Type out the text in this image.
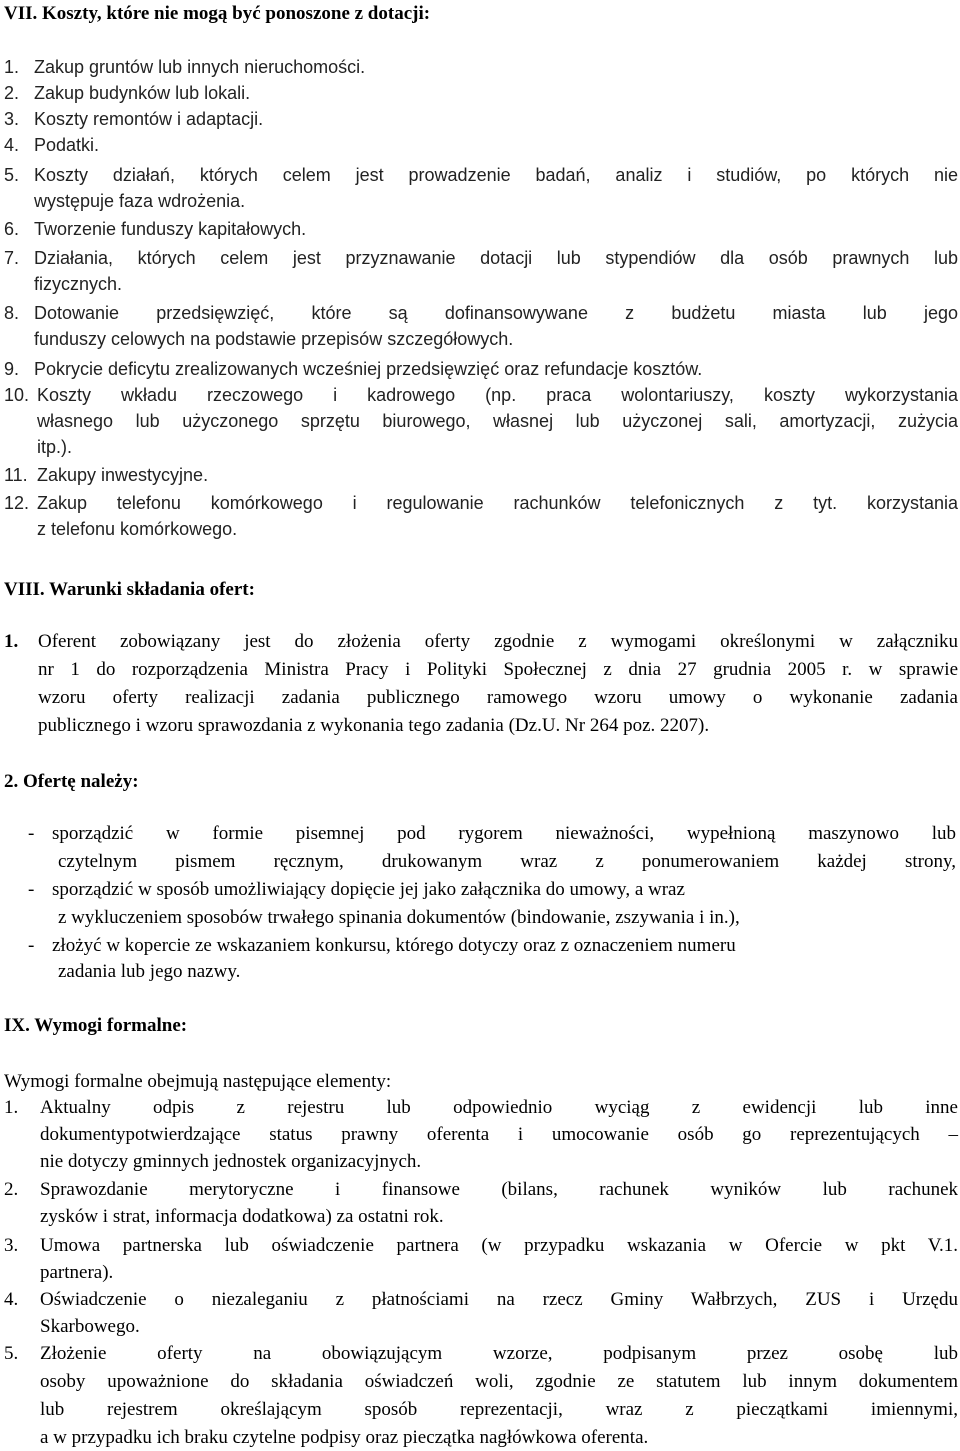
VII. Koszty, które nie mogą być ponoszone z dotacji:
1. Zakup gruntów lub innych nieruchomości.
2. Zakup budynków lub lokali.
3. Koszty remontów i adaptacji.
4. Podatki.
5. Koszty działań, których celem jest prowadzenie badań, analiz i studiów, po których nie
występuje faza wdrożenia.
6. Tworzenie funduszy kapitałowych.
7. Działania, których celem jest przyznawanie dotacji lub stypendiów dla osób prawnych lub
fizycznych.
8. Dotowanie przedsięwzięć, które są dofinansowywane z budżetu miasta lub jego
funduszy celowych na podstawie przepisów szczegółowych.
9. Pokrycie deficytu zrealizowanych wcześniej przedsięwzięć oraz refundacje kosztów.
10. Koszty wkładu rzeczowego i kadrowego (np. praca wolontariuszy, koszty wykorzystania
własnego lub użyczonego sprzętu biurowego, własnej lub użyczonej sali, amortyzacji, zużycia
itp.).
11. Zakupy inwestycyjne.
12. Zakup telefonu komórkowego i regulowanie rachunków telefonicznych z tyt. korzystania
z telefonu komórkowego.
VIII. Warunki składania ofert:
1. Oferent zobowiązany jest do złożenia oferty zgodnie z wymogami określonymi w załączniku
nr 1 do rozporządzenia Ministra Pracy i Polityki Społecznej z dnia 27 grudnia 2005 r. w sprawie
wzoru oferty realizacji zadania publicznego ramowego wzoru umowy o wykonanie zadania
publicznego i wzoru sprawozdania z wykonania tego zadania (Dz.U. Nr 264 poz. 2207).
2. Ofertę należy:
- sporządzić w formie pisemnej pod rygorem nieważności, wypełnioną maszynowo lub
czytelnym pismem ręcznym, drukowanym wraz z ponumerowaniem każdej strony,
- sporządzić w sposób umożliwiający dopięcie jej jako załącznika do umowy, a wraz
z wykluczeniem sposobów trwałego spinania dokumentów (bindowanie, zszywania i in.),
- złożyć w kopercie ze wskazaniem konkursu, którego dotyczy oraz z oznaczeniem numeru
zadania lub jego nazwy.
IX. Wymogi formalne:
Wymogi formalne obejmują następujące elementy:
1. Aktualny odpis z rejestru lub odpowiednio wyciąg z ewidencji lub inne
dokumentypotwierdzające status prawny oferenta i umocowanie osób go reprezentujących –
nie dotyczy gminnych jednostek organizacyjnych.
2. Sprawozdanie merytoryczne i finansowe (bilans, rachunek wyników lub rachunek
zysków i strat, informacja dodatkowa) za ostatni rok.
3. Umowa partnerska lub oświadczenie partnera (w przypadku wskazania w Ofercie w pkt V.1.
partnera).
4. Oświadczenie o niezaleganiu z płatnościami na rzecz Gminy Wałbrzych, ZUS i Urzędu
Skarbowego.
5. Złożenie oferty na obowiązującym wzorze, podpisanym przez osobę lub
osoby upoważnione do składania oświadczeń woli, zgodnie ze statutem lub innym dokumentem
lub rejestrem określającym sposób reprezentacji, wraz z pieczątkami imiennymi,
a w przypadku ich braku czytelne podpisy oraz pieczątka nagłówkowa oferenta.
